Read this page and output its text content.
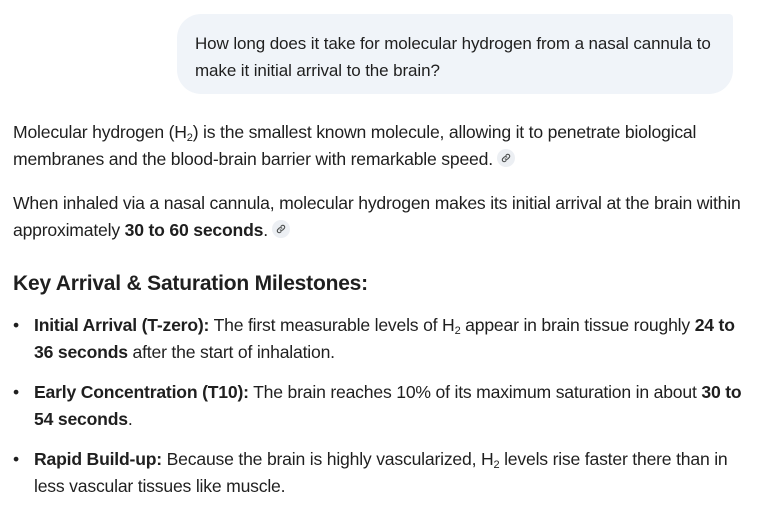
How long does it take for molecular hydrogen from a nasal cannula to make it initial arrival to the brain?

Molecular hydrogen $(H_2)$ is the smallest known molecule, allowing it to penetrate biological membranes and the blood-brain barrier with remarkable speed.

When inhaled via a nasal cannula, molecular hydrogen makes its initial arrival at the brain within approximately 30 to 60 seconds.

Key Arrival & Saturation Milestones:
• Initial Arrival (T-zero): The first measurable levels of $H_2$ appear in brain tissue roughly 24 to 36 seconds after the start of inhalation.
• Early Concentration (T10): The brain reaches 10% of its maximum saturation in about 30 to 54 seconds.
• Rapid Build-up: Because the brain is highly vascularized, $H_2$ levels rise faster there than in less vascular tissues like muscle.
